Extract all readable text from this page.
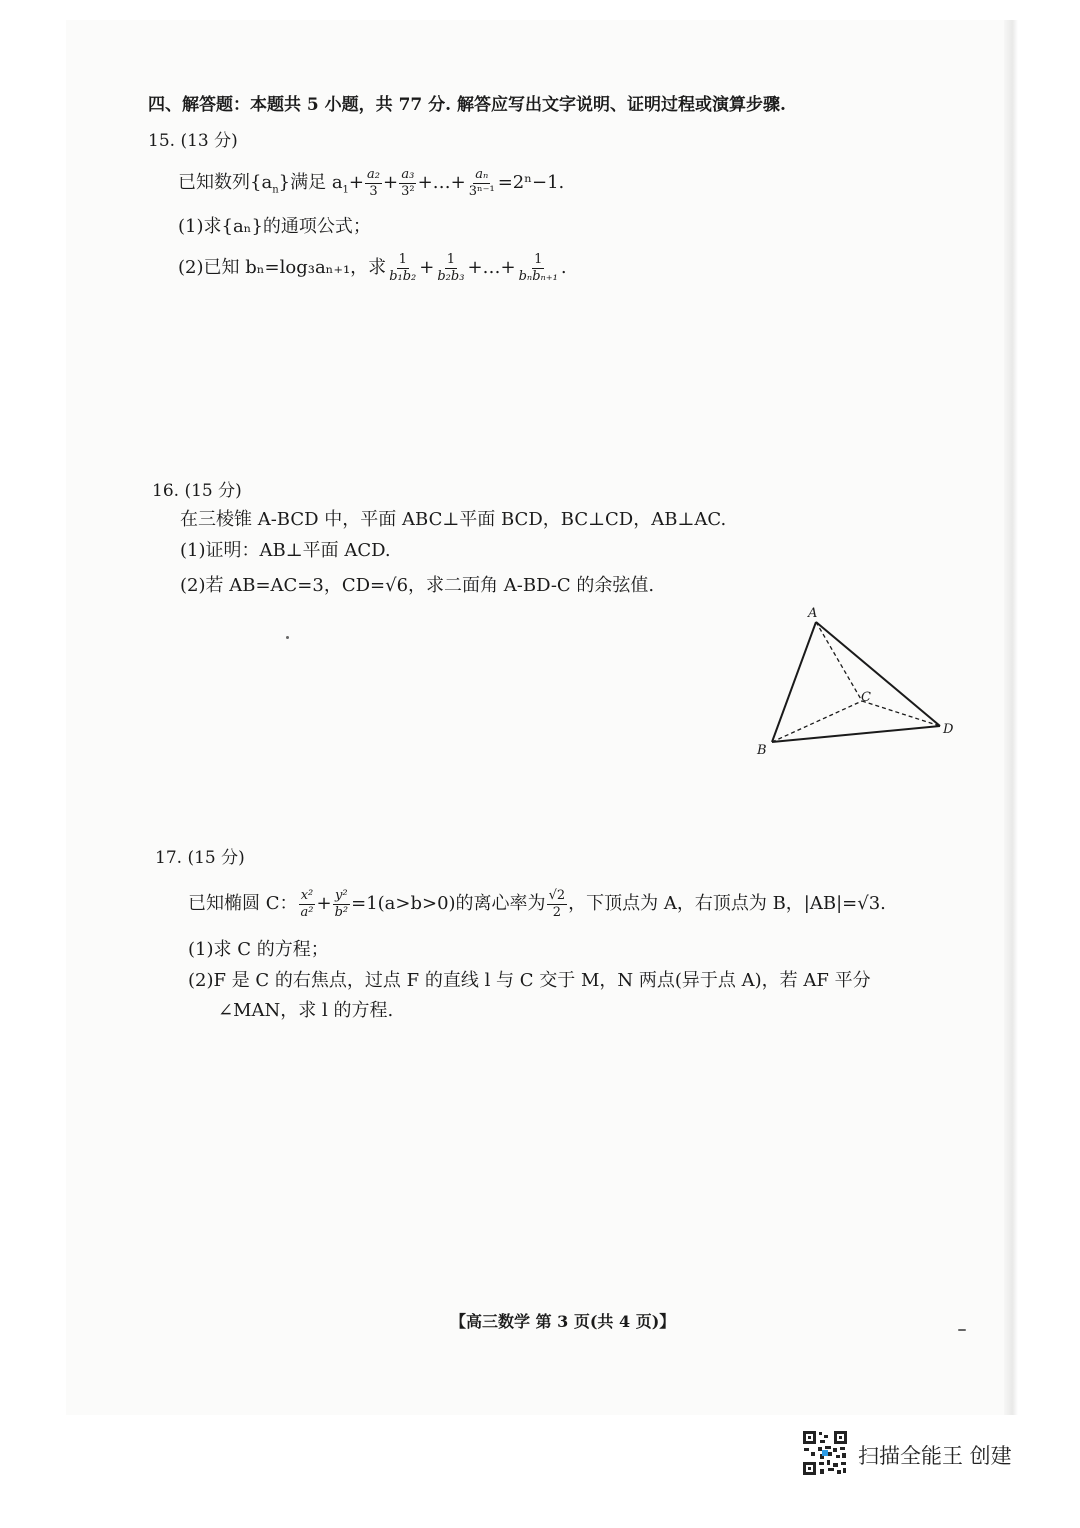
四、解答题：本题共 5 小题，共 77 分. 解答应写出文字说明、证明过程或演算步骤.
15. (13 分)
已知数列$\{a_n\}$满足 $a_1+ \frac{\text{a₂}}{3} + \frac{\text{a₃}}{\text{3²}}$ +…+ $\frac{\text{aₙ}}{\text{3ⁿ⁻¹}} =2^n-1$.
(1)求{aₙ}的通项公式；
(2)已知 bₙ=log₃aₙ₊₁，求 $\frac{1}{\text{b₁b₂}} + \frac{1}{\text{b₂b₃}}$ +…+ $\frac{1}{\text{bₙbₙ₊₁}}$ .
16. (15 分)
在三棱锥 A-BCD 中，平面 ABC⊥平面 BCD，BC⊥CD，AB⊥AC.
(1)证明：AB⊥平面 ACD.
(2)若 AB=AC=3，CD=√6，求二面角 A-BD-C 的余弦值.
A
B
C
D
17. (15 分)
已知椭圆 C： $\frac{\text{x²}}{\text{a²}} + \frac{\text{y²}}{\text{b²}} =1(a>b>0)$的离心率为 $\frac{√2}{2}$ ，下顶点为 A，右顶点为 B，|AB|=√3.
(1)求 C 的方程；
(2)F 是 C 的右焦点，过点 F 的直线 l 与 C 交于 M，N 两点(异于点 A)，若 AF 平分
∠MAN，求 l 的方程.
【高三数学 第 3 页(共 4 页)】
扫描全能王 创建
